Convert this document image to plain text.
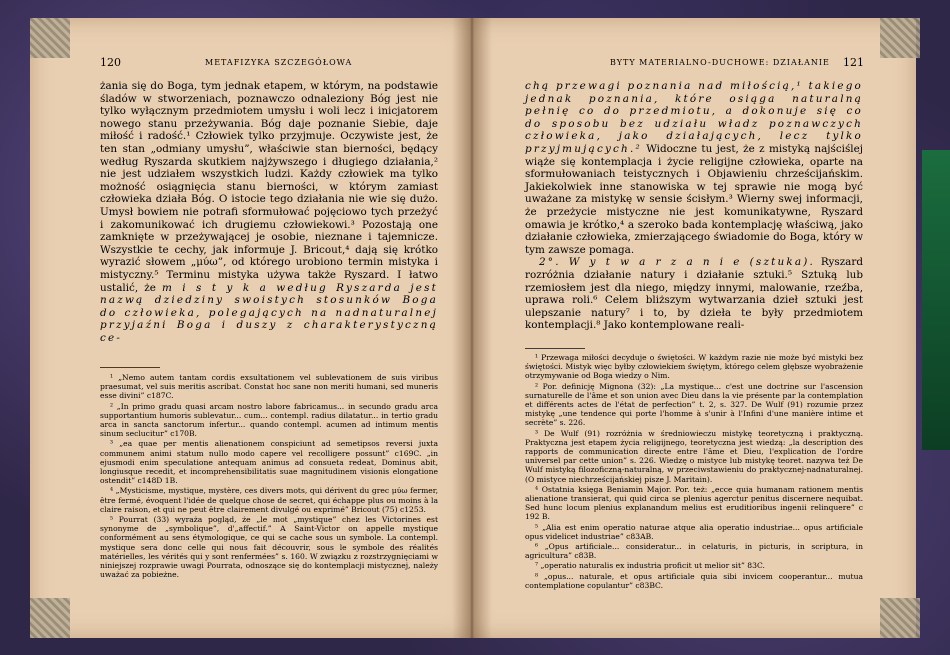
120	METAFIZYKA SZCZEGÓŁOWA

żania się do Boga, tym jednak etapem, w którym, na podstawie śladów w stworzeniach, poznawczo odnaleziony Bóg jest nie tylko wyłącznym przedmiotem umysłu i woli lecz i inicjatorem nowego stanu przeżywania. Bóg daje poznanie Siebie, daje miłość i radość.¹ Człowiek tylko przyjmuje. Oczywiste jest, że ten stan „odmiany umysłu”, właściwie stan bierności, będący według Ryszarda skutkiem najżywszego i długiego działania,² nie jest udziałem wszystkich ludzi. Każdy człowiek ma tylko możność osiągnięcia stanu bierności, w którym zamiast człowieka działa Bóg. O istocie tego działania nie wie się dużo. Umysł bowiem nie potrafi sformułować pojęciowo tych przeżyć i zakomunikować ich drugiemu człowiekowi.³ Pozostają one zamknięte w przeżywającej je osobie, nieznane i tajemnicze. Wszystkie te cechy, jak informuje J. Bricout,⁴ dają się krótko wyrazić słowem „μύω”, od którego urobiono termin mistyka i mistyczny.⁵ Terminu mistyka używa także Ryszard. I łatwo ustalić, że m i s t y k a według Ryszarda jest nazwą dziedziny swoistych stosunków Boga do człowieka, polegających na nadnaturalnej przyjaźni Boga i duszy z charakterystyczną ce-

¹ „Nemo autem tantam cordis exsultationem vel sublevationem de suis viribus praesumat, vel suis meritis ascribat. Constat hoc sane non meriti humani, sed muneris esse divini” c187C.

² „In primo gradu quasi arcam nostro labore fabricamus... in secundo gradu arca supportantium humoris sublevatur... cum... contempl. radius dilatatur... in tertio gradu arca in sancta sanctorum infertur... quando contempl. acumen ad intimum mentis sinum seclucitur” c170B.

³ „ea quae per mentis alienationem conspiciunt ad semetipsos reversi juxta communem animi statum nullo modo capere vel recolligere possunt” c169C. „in ejusmodi enim speculatione antequam animus ad consueta redeat, Dominus abit, longiusque recedit, et incomprehensibilitatis suae magnitudinem visionis elongatione ostendit” c148D 1B.

⁴ „Mysticisme, mystique, mystère, ces divers mots, qui dérivent du grec μύω fermer, être fermé, évoquent l'idée de quelque chose de secret, qui échappe plus ou moins à la claire raison, et qui ne peut être clairement divulgé ou exprimé” Bricout (75) c1253.

⁵ Pourrat (33) wyraża pogląd, że „le mot „mystique” chez les Victorines est synonyme de „symbolique”, d'„affectif.” A Saint-Victor on appelle mystique conformément au sens étymologique, ce qui se cache sous un symbole. La contempl. mystique sera donc celle qui nous fait découvrir, sous le symbole des réalités matérielles, les vérités qui y sont renfermées” s. 160. W związku z rozstrzygnięciami w niniejszej rozprawie uwagi Pourrata, odnoszące się do kontemplacji mistycznej, należy uważać za pobieżne.

BYTY MATERIALNO-DUCHOWE: DZIAŁANIE 121

chą przewagi poznania nad miłością,¹ takiego jednak poznania, które osiąga naturalną pełnię co do przedmiotu, a dokonuje się co do sposobu bez udziału władz poznawczych człowieka, jako działających, lecz tylko przyjmujących.² Widoczne tu jest, że z mistyką najściślej wiąże się kontemplacja i życie religijne człowieka, oparte na sformułowaniach teistycznych i Objawieniu chrześcijańskim. Jakiekolwiek inne stanowiska w tej sprawie nie mogą być uważane za mistykę w sensie ścisłym.³ Wierny swej informacji, że przeżycie mistyczne nie jest komunikatywne, Ryszard omawia je krótko,⁴ a szeroko bada kontemplację właściwą, jako działanie człowieka, zmierzającego świadomie do Boga, który w tym zawsze pomaga.

2°. W y t w a r z a n i e (sztuka). Ryszard rozróżnia działanie natury i działanie sztuki.⁵ Sztuką lub rzemiosłem jest dla niego, między innymi, malowanie, rzeźba, uprawa roli.⁶ Celem bliższym wytwarzania dzieł sztuki jest ulepszanie natury⁷ i to, by dzieła te były przedmiotem kontemplacji.⁸ Jako kontemplowane reali-

¹ Przewaga miłości decyduje o świętości. W każdym razie nie może być mistyki bez świętości. Mistyk więc byłby człowiekiem świętym, którego celem głębsze wyobrażenie otrzymywanie od Boga wiedzy o Nim.

² Por. definicję Mignona (32): „La mystique... c'est une doctrine sur l'ascension surnaturelle de l'âme et son union avec Dieu dans la vie présente par la contemplation et différents actes de l'état de perfection” t. 2, s. 327. De Wulf (91) rozumie przez mistykę „une tendence qui porte l'homme à s'unir à l'Infini d'une manière intime et secrète” s. 226.

³ De Wulf (91) rozróżnia w średniowieczu mistykę teoretyczną i praktyczną. Praktyczna jest etapem życia religijnego, teoretyczna jest wiedzą: „la description des rapports de communication directe entre l'âme et Dieu, l'explication de l'ordre universel par cette union” s. 226. Wiedzę o mistyce lub mistykę teoret. nazywa też De Wulf mistyką filozoficzną-naturalną, w przeciwstawieniu do praktycznej-nadnaturalnej. (O mistyce niechrześcijańskiej pisze J. Maritain).

⁴ Ostatnia księga Beniamin Major. Por. też: „ecce quia humanam rationem mentis alienatione transierat, qui quid circa se plenius agerctur penitus discernere nequibat. Sed hunc locum plenius explanandum melius est eruditioribus ingenii relinquere” c 192 B.

⁵ „Alia est enim operatio naturae atque alia operatio industriae... opus artificiale opus videlicet industriae” c83AB.

⁶ „Opus artificiale... consideratur... in celaturis, in picturis, in scriptura, in agricultura” c83B.

⁷ „operatio naturalis ex industria proficit ut melior sit” 83C.

⁸ „opus... naturale, et opus artificiale quia sibi invicem cooperantur... mutua contemplatione copulantur” c83BC.
